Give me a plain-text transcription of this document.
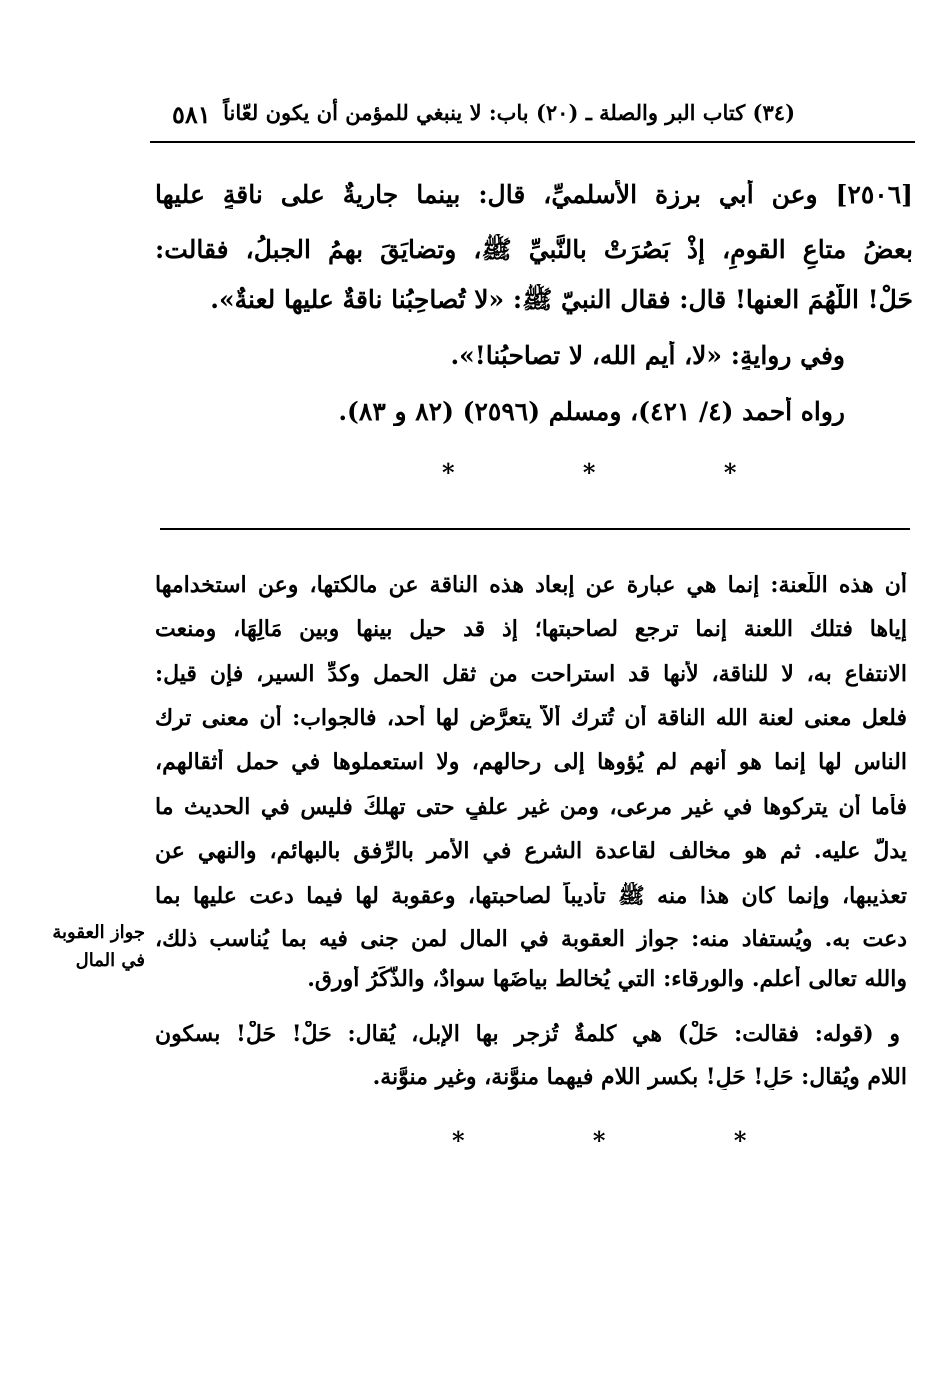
٥٨١ (٣٤) كتاب البر والصلة ـ (٢٠) باب: لا ينبغي للمؤمن أن يكون لعّاناً
[٢٥٠٦] وعن أبي برزة الأسلميِّ، قال: بينما جاريةٌ على ناقةٍ عليها
بعضُ متاعِ القومِ، إذْ بَصُرَتْ بالنَّبيِّ ﷺ، وتضايَقَ بهمُ الجبلُ، فقالت:
حَلْ! اللَّهُمَ العنها! قال: فقال النبيّ ﷺ: «لا تُصاحِبُنا ناقةٌ عليها لعنةٌ».
وفي روايةٍ: «لا، أَيم الله، لا تصاحبُنا!».
رواه أحمد (٤/ ٤٢١)، ومسلم (٢٥٩٦) (٨٢ و ٨٣).
* * *
أن هذه اللَّعنة: إنما هي عبارة عن إبعاد هذه الناقة عن مالكتها، وعن استخدامها
إياها فتلك اللعنة إنما ترجع لصاحبتها؛ إذ قد حيل بينها وبين مَالِهَا، ومنعت
الانتفاع به، لا للناقة، لأنها قد استراحت من ثقل الحمل وكدِّ السير، فإن قيل:
فلعل معنى لعنة الله الناقة أن تُترك ألاَّ يتعرَّض لها أحد، فالجواب: أن معنى ترك
الناس لها إنما هو أنهم لم يُؤوها إلى رحالهم، ولا استعملوها في حمل أثقالهم،
فأما أن يتركوها في غير مرعى، ومن غير علفٍ حتى تهلكَ فليس في الحديث ما
يدلُّ عليه. ثم هو مخالف لقاعدة الشرع في الأمر بالرِّفق بالبهائم، والنهي عن
تعذيبها، وإنما كان هذا منه ﷺ تأديباً لصاحبتها، وعقوبة لها فيما دعت عليها بما
دعت به. ويُستفاد منه: جواز العقوبة في المال لمن جنى فيه بما يُناسب ذلك،
والله تعالى أعلم. والورقاء: التي يُخالط بياضَها سوادٌ، والذَّكَرُ أورق.
و (قوله: فقالت: حَلْ) هي كلمةٌ تُزجر بها الإبل، يُقال: حَلْ! حَلْ! بسكون
اللام ويُقال: حَلٍ! حَلٍ! بكسر اللام فيهما منوَّنة، وغير منوَّنة.
جواز العقوبة
في المال
* * *
